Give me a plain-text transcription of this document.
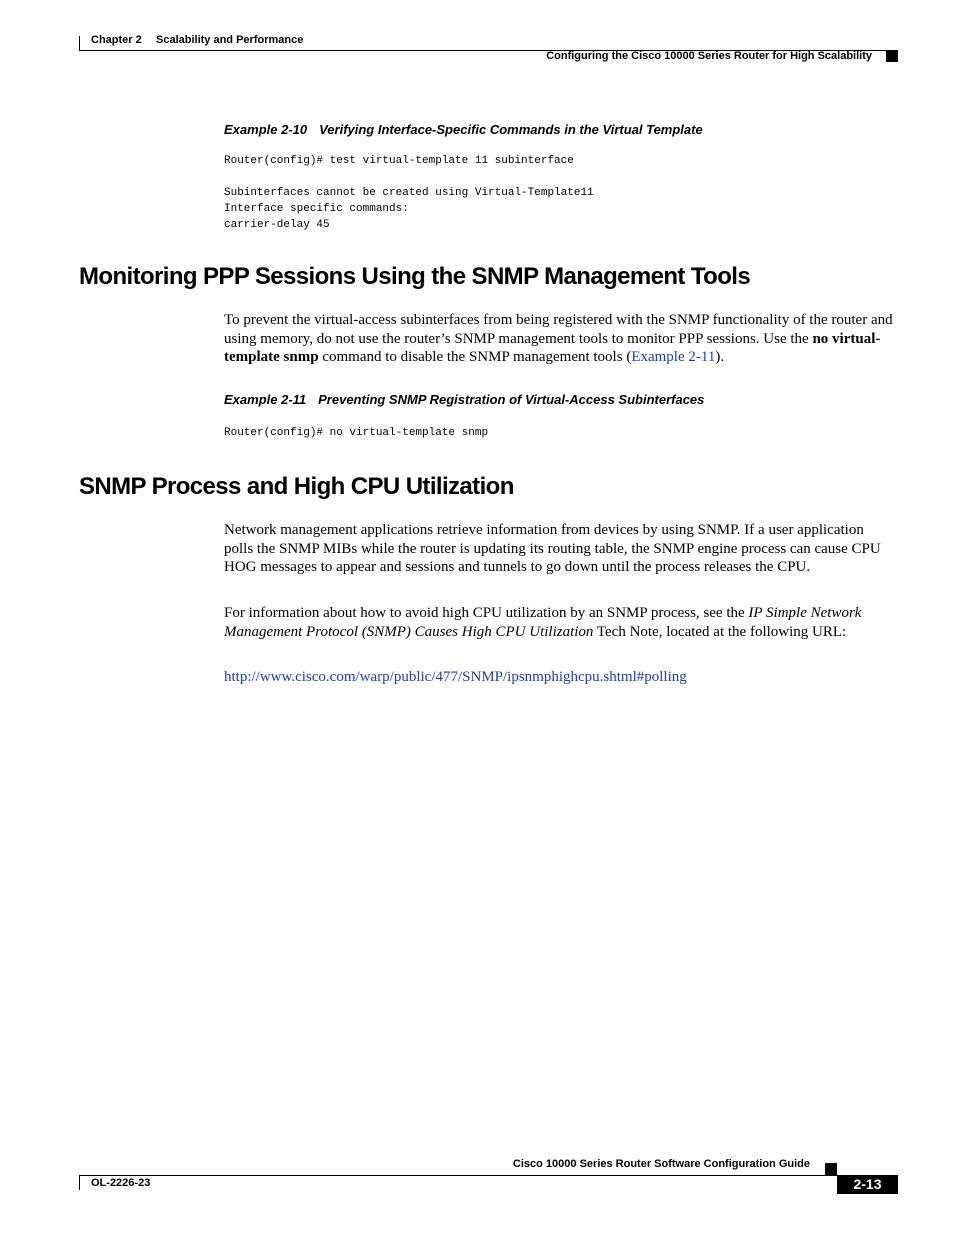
Chapter 2 Scalability and Performance
Configuring the Cisco 10000 Series Router for High Scalability
Example 2-10 Verifying Interface-Specific Commands in the Virtual Template
Router(config)# test virtual-template 11 subinterface

Subinterfaces cannot be created using Virtual-Template11
Interface specific commands:
carrier-delay 45
Monitoring PPP Sessions Using the SNMP Management Tools

To prevent the virtual-access subinterfaces from being registered with the SNMP functionality of the router and using memory, do not use the router’s SNMP management tools to monitor PPP sessions. Use the no virtual-template snmp command to disable the SNMP management tools (Example 2-11).

Example 2-11 Preventing SNMP Registration of Virtual-Access Subinterfaces
Router(config)# no virtual-template snmp
SNMP Process and High CPU Utilization

Network management applications retrieve information from devices by using SNMP. If a user application polls the SNMP MIBs while the router is updating its routing table, the SNMP engine process can cause CPU HOG messages to appear and sessions and tunnels to go down until the process releases the CPU.

For information about how to avoid high CPU utilization by an SNMP process, see the IP Simple Network Management Protocol (SNMP) Causes High CPU Utilization Tech Note, located at the following URL:

http://www.cisco.com/warp/public/477/SNMP/ipsnmphighcpu.shtml#polling
Cisco 10000 Series Router Software Configuration Guide
OL-2226-23	2-13
